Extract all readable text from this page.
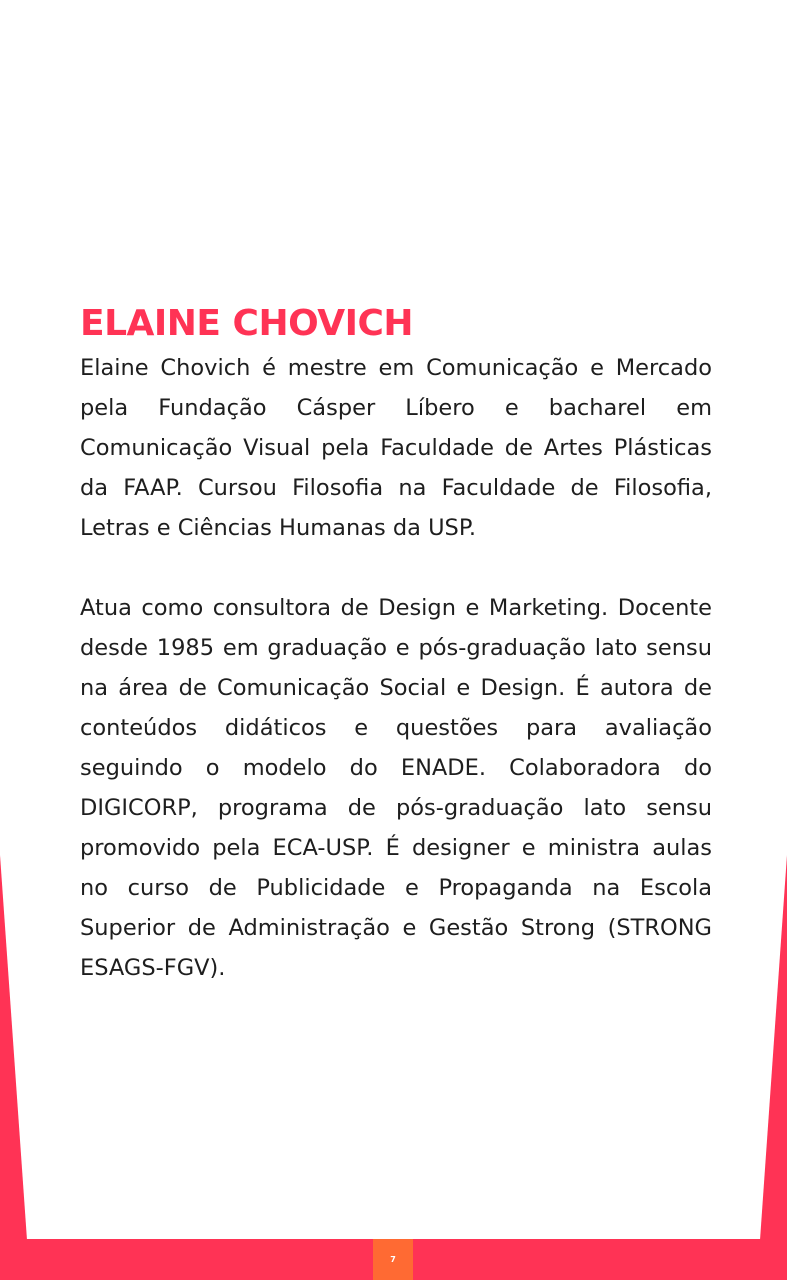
ELAINE CHOVICH

Elaine Chovich é mestre em Comunicação e Mercado pela Fundação Cásper Líbero e bacharel em Comunicação Visual pela Faculdade de Artes Plásticas da FAAP. Cursou Filosofia na Faculdade de Filosofia, Letras e Ciências Humanas da USP.

Atua como consultora de Design e Marketing. Docente desde 1985 em graduação e pós-graduação lato sensu na área de Comunicação Social e Design. É autora de conteúdos didáticos e questões para avaliação seguindo o modelo do ENADE. Colaboradora do DIGICORP, programa de pós-graduação lato sensu promovido pela ECA-USP. É designer e ministra aulas no curso de Publicidade e Propaganda na Escola Superior de Administração e Gestão Strong (STRONG ESAGS-FGV).

7
